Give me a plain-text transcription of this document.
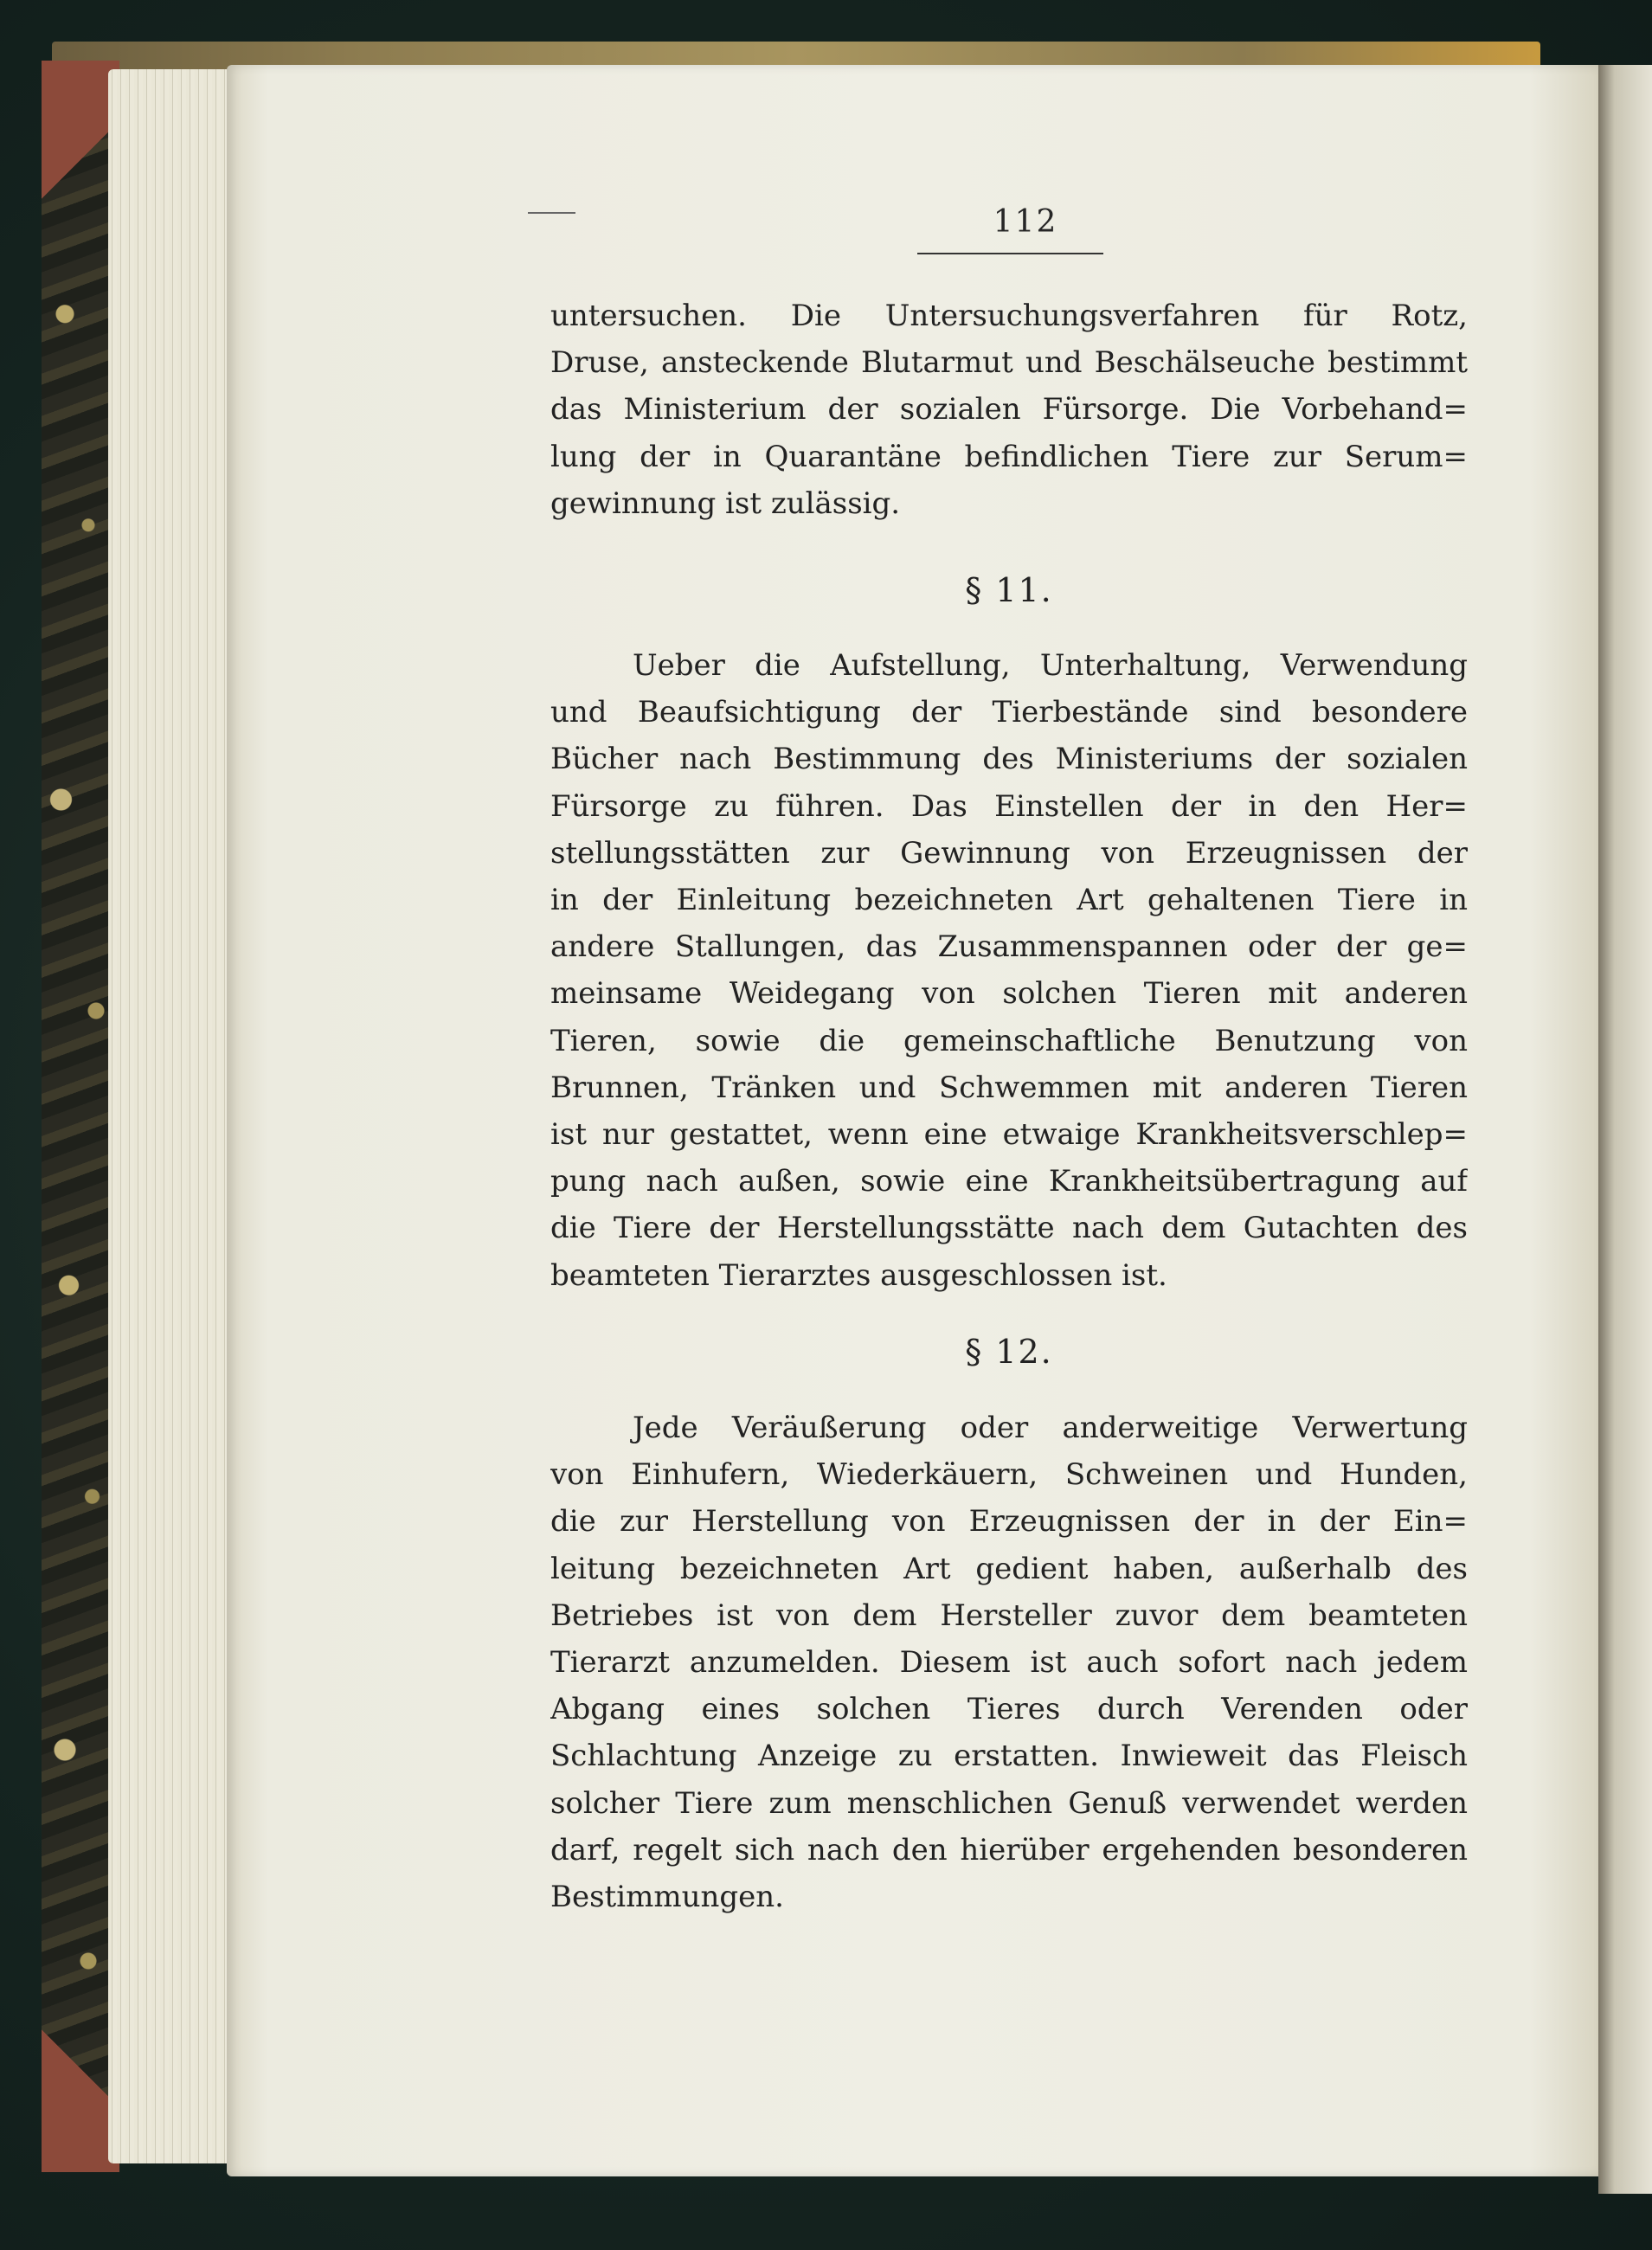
112
untersuchen. Die Untersuchungsverfahren für Rotz,
Druse, ansteckende Blutarmut und Beschälseuche bestimmt
das Ministerium der sozialen Fürsorge. Die Vorbehand=
lung der in Quarantäne befindlichen Tiere zur Serum=
gewinnung ist zulässig.
§ 11.
Ueber die Aufstellung, Unterhaltung, Verwendung
und Beaufsichtigung der Tierbestände sind besondere
Bücher nach Bestimmung des Ministeriums der sozialen
Fürsorge zu führen. Das Einstellen der in den Her=
stellungsstätten zur Gewinnung von Erzeugnissen der
in der Einleitung bezeichneten Art gehaltenen Tiere in
andere Stallungen, das Zusammenspannen oder der ge=
meinsame Weidegang von solchen Tieren mit anderen
Tieren, sowie die gemeinschaftliche Benutzung von
Brunnen, Tränken und Schwemmen mit anderen Tieren
ist nur gestattet, wenn eine etwaige Krankheitsverschlep=
pung nach außen, sowie eine Krankheitsübertragung auf
die Tiere der Herstellungsstätte nach dem Gutachten des
beamteten Tierarztes ausgeschlossen ist.
§ 12.
Jede Veräußerung oder anderweitige Verwertung
von Einhufern, Wiederkäuern, Schweinen und Hunden,
die zur Herstellung von Erzeugnissen der in der Ein=
leitung bezeichneten Art gedient haben, außerhalb des
Betriebes ist von dem Hersteller zuvor dem beamteten
Tierarzt anzumelden. Diesem ist auch sofort nach jedem
Abgang eines solchen Tieres durch Verenden oder
Schlachtung Anzeige zu erstatten. Inwieweit das Fleisch
solcher Tiere zum menschlichen Genuß verwendet werden
darf, regelt sich nach den hierüber ergehenden besonderen
Bestimmungen.
